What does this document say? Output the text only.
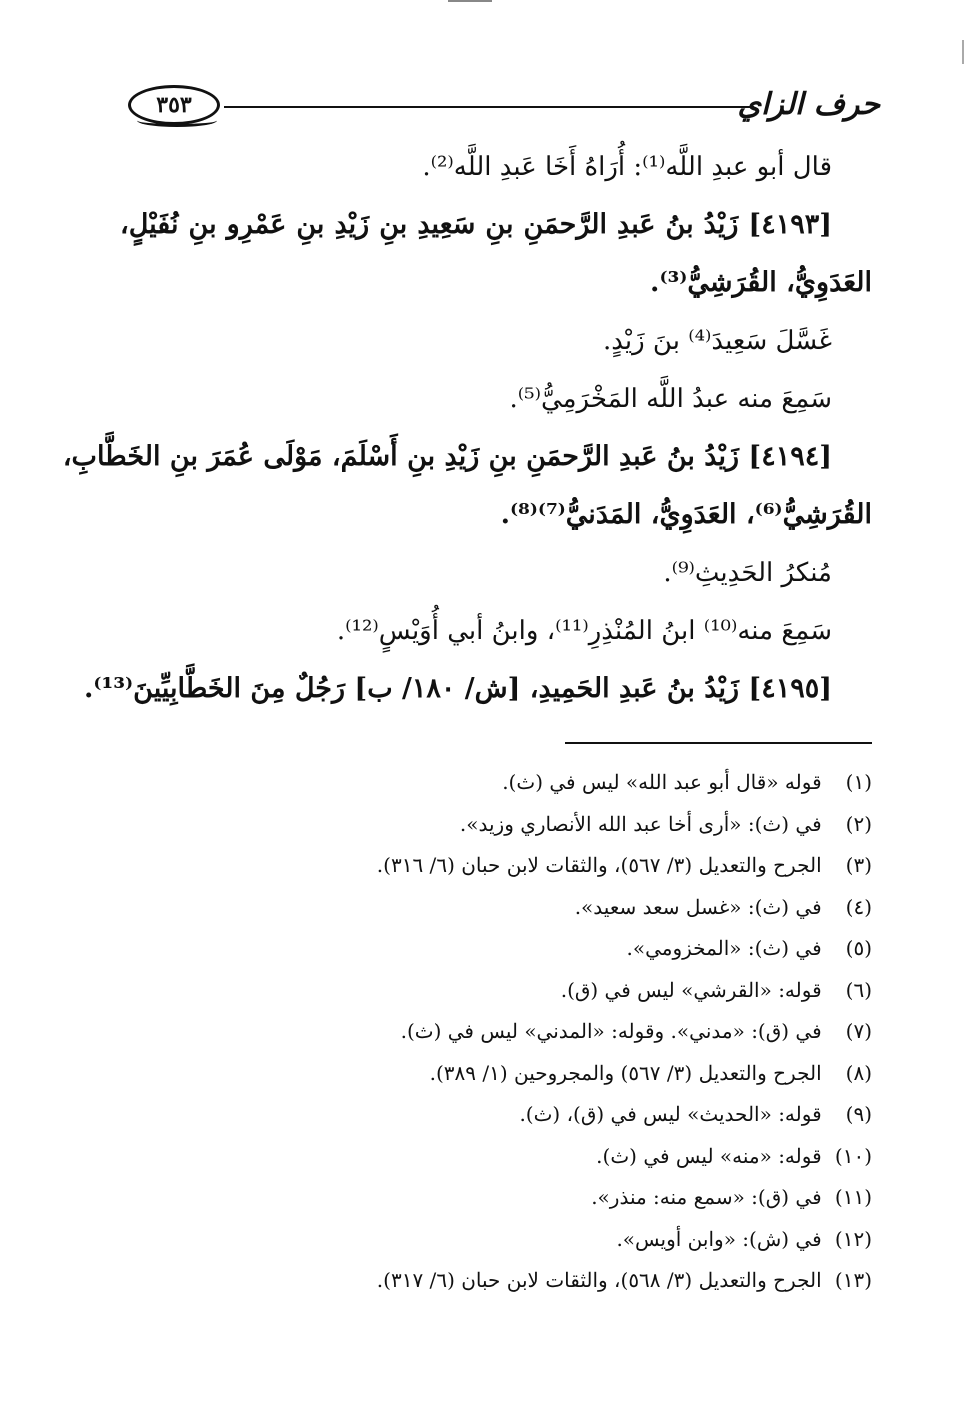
٣٥٣	حرف الزاي
قال أبو عبدِ اللَّه⁽¹⁾: أُرَاهُ أَخَا عَبدِ اللَّه⁽²⁾.
[٤١٩٣] زَيْدُ بنُ عَبدِ الرَّحمَنِ بنِ سَعِيدِ بنِ زَيْدِ بنِ عَمْرِو بنِ نُفَيْلٍ،
العَدَوِيُّ، القُرَشِيُّ⁽³⁾.
غَسَّلَ سَعِيدَ⁽⁴⁾ بنَ زَيْدٍ.
سَمِعَ منه عبدُ اللَّه المَخْرَمِيُّ⁽⁵⁾.
[٤١٩٤] زَيْدُ بنُ عَبدِ الرَّحمَنِ بنِ زَيْدِ بنِ أَسْلَمَ، مَوْلَى عُمَرَ بنِ الخَطَّابِ،
القُرَشِيُّ⁽⁶⁾، العَدَوِيُّ، المَدَنيُّ⁽⁷⁾⁽⁸⁾.
مُنكرُ الحَدِيثِ⁽⁹⁾.
سَمِعَ منه⁽¹⁰⁾ ابنُ المُنْذِرِ⁽¹¹⁾، وابنُ أبي أُوَيْسٍ⁽¹²⁾.
[٤١٩٥] زَيْدُ بنُ عَبدِ الحَمِيدِ، [ش/ ١٨٠/ ب] رَجُلٌ مِنَ الخَطَّابِيِّينَ⁽¹³⁾.
(١) قوله «قال أبو عبد الله» ليس في (ث).
(٢) في (ث): «أرى أخا عبد الله الأنصاري وزيد».
(٣) الجرح والتعديل (٣/ ٥٦٧)، والثقات لابن حبان (٦/ ٣١٦).
(٤) في (ث): «غسل سعد سعيد».
(٥) في (ث): «المخزومي».
(٦) قوله: «القرشي» ليس في (ق).
(٧) في (ق): «مدني». وقوله: «المدني» ليس في (ث).
(٨) الجرح والتعديل (٣/ ٥٦٧) والمجروحين (١/ ٣٨٩).
(٩) قوله: «الحديث» ليس في (ق)، (ث).
(١٠) قوله: «منه» ليس في (ث).
(١١) في (ق): «سمع منه: منذر».
(١٢) في (ش): «وابن أويس».
(١٣) الجرح والتعديل (٣/ ٥٦٨)، والثقات لابن حبان (٦/ ٣١٧).
